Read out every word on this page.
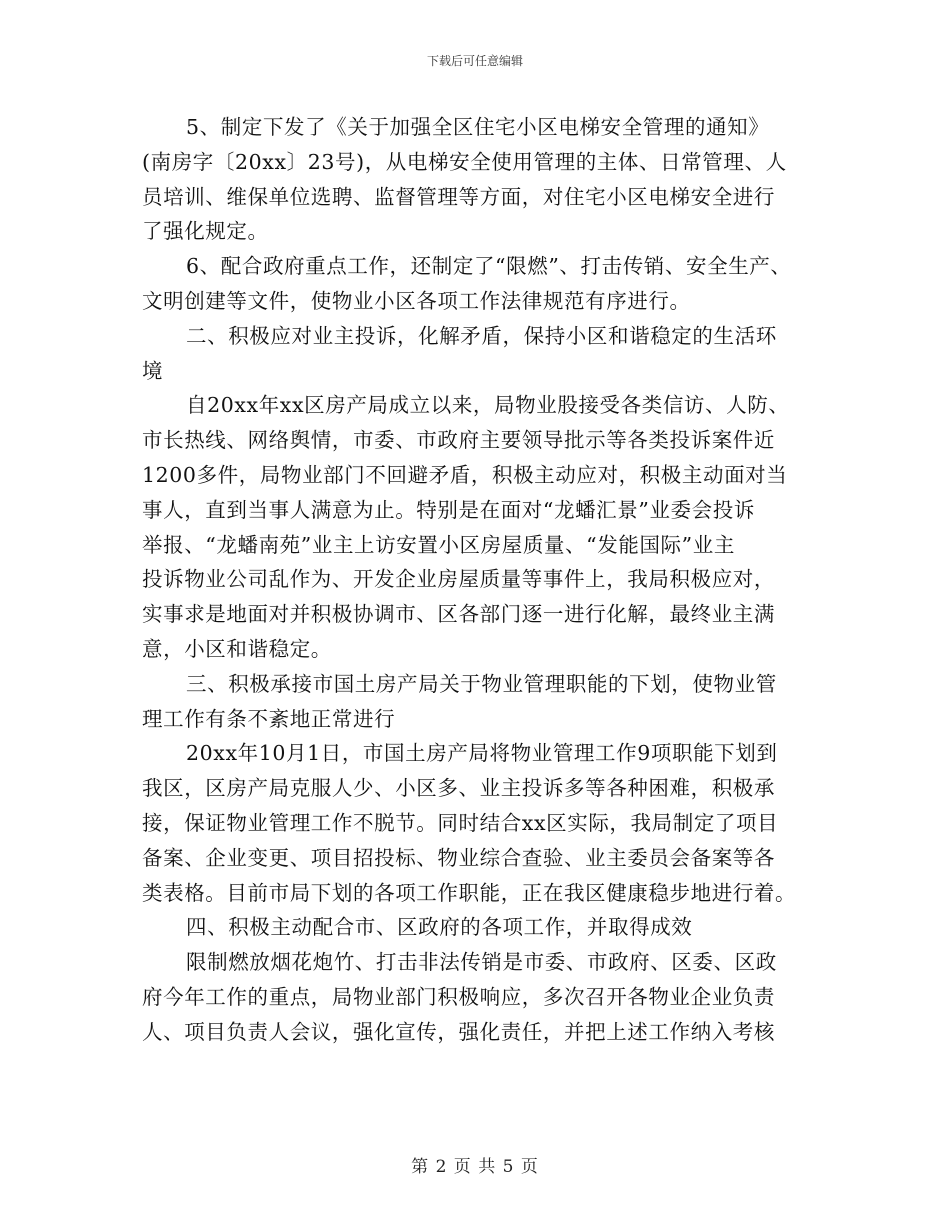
下载后可任意编辑

5、制定下发了《关于加强全区住宅小区电梯安全管理的通知》
(南房字〔20xx〕23号)，从电梯安全使用管理的主体、日常管理、人
员培训、维保单位选聘、监督管理等方面，对住宅小区电梯安全进行
了强化规定。

6、配合政府重点工作，还制定了“限燃”、打击传销、安全生产、
文明创建等文件，使物业小区各项工作法律规范有序进行。

二、积极应对业主投诉，化解矛盾，保持小区和谐稳定的生活环
境

自20xx年xx区房产局成立以来，局物业股接受各类信访、人防、
市长热线、网络舆情，市委、市政府主要领导批示等各类投诉案件近
1200多件，局物业部门不回避矛盾，积极主动应对，积极主动面对当
事人，直到当事人满意为止。特别是在面对“龙蟠汇景”业委会投诉
举报、“龙蟠南苑”业主上访安置小区房屋质量、“发能国际”业主
投诉物业公司乱作为、开发企业房屋质量等事件上，我局积极应对，
实事求是地面对并积极协调市、区各部门逐一进行化解，最终业主满
意，小区和谐稳定。

三、积极承接市国土房产局关于物业管理职能的下划，使物业管
理工作有条不紊地正常进行

20xx年10月1日，市国土房产局将物业管理工作9项职能下划到
我区，区房产局克服人少、小区多、业主投诉多等各种困难，积极承
接，保证物业管理工作不脱节。同时结合xx区实际，我局制定了项目
备案、企业变更、项目招投标、物业综合查验、业主委员会备案等各
类表格。目前市局下划的各项工作职能，正在我区健康稳步地进行着。

四、积极主动配合市、区政府的各项工作，并取得成效

限制燃放烟花炮竹、打击非法传销是市委、市政府、区委、区政
府今年工作的重点，局物业部门积极响应，多次召开各物业企业负责
人、项目负责人会议，强化宣传，强化责任，并把上述工作纳入考核

第 2 页 共 5 页
